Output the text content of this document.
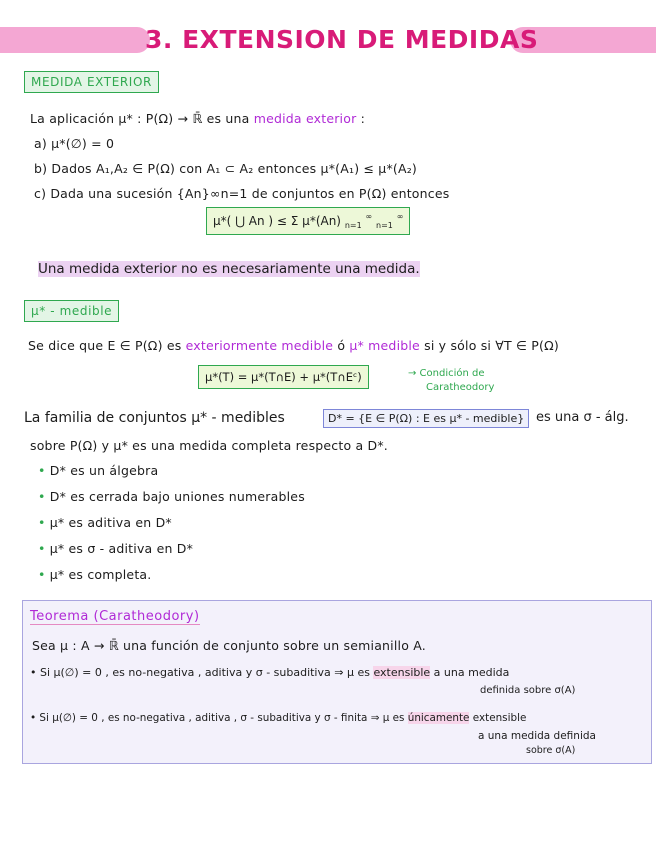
3. EXTENSION DE MEDIDAS
MEDIDA EXTERIOR
La aplicación μ* : P(Ω) → ℝ̄ es una medida exterior :
a) μ*(∅) = 0
b) Dados A₁,A₂ ∈ P(Ω) con A₁ ⊂ A₂ entonces μ*(A₁) ≤ μ*(A₂)
c) Dada una sucesión {An}∞n=1 de conjuntos en P(Ω) entonces
μ*( ⋃ An ) ≤ Σ μ*(An) $_{n=1}$ ∞ $_{n=1}$ ∞
Una medida exterior no es necesariamente una medida.
μ* - medible
Se dice que E ∈ P(Ω) es exteriormente medible ó μ* medible si y sólo si ∀T ∈ P(Ω)
μ*(T) = μ*(T∩E) + μ*(T∩Eᶜ)	→ Condición de
Caratheodory
La familia de conjuntos μ* - medibles	D* = {E ∈ P(Ω) : E es μ* - medible} es una σ - álg.
sobre P(Ω) y μ* es una medida completa respecto a D*.
• D* es un álgebra
• D* es cerrada bajo uniones numerables
• μ* es aditiva en D*
• μ* es σ - aditiva en D*
• μ* es completa.
Teorema (Caratheodory)
Sea μ : A → ℝ̄ una función de conjunto sobre un semianillo A.
• Si μ(∅) = 0 , es no-negativa , aditiva y σ - subaditiva ⇒ μ es extensible a una medida
definida sobre σ(A)
• Si μ(∅) = 0 , es no-negativa , aditiva , σ - subaditiva y σ - finita ⇒ μ es únicamente extensible
a una medida definida
sobre σ(A)
